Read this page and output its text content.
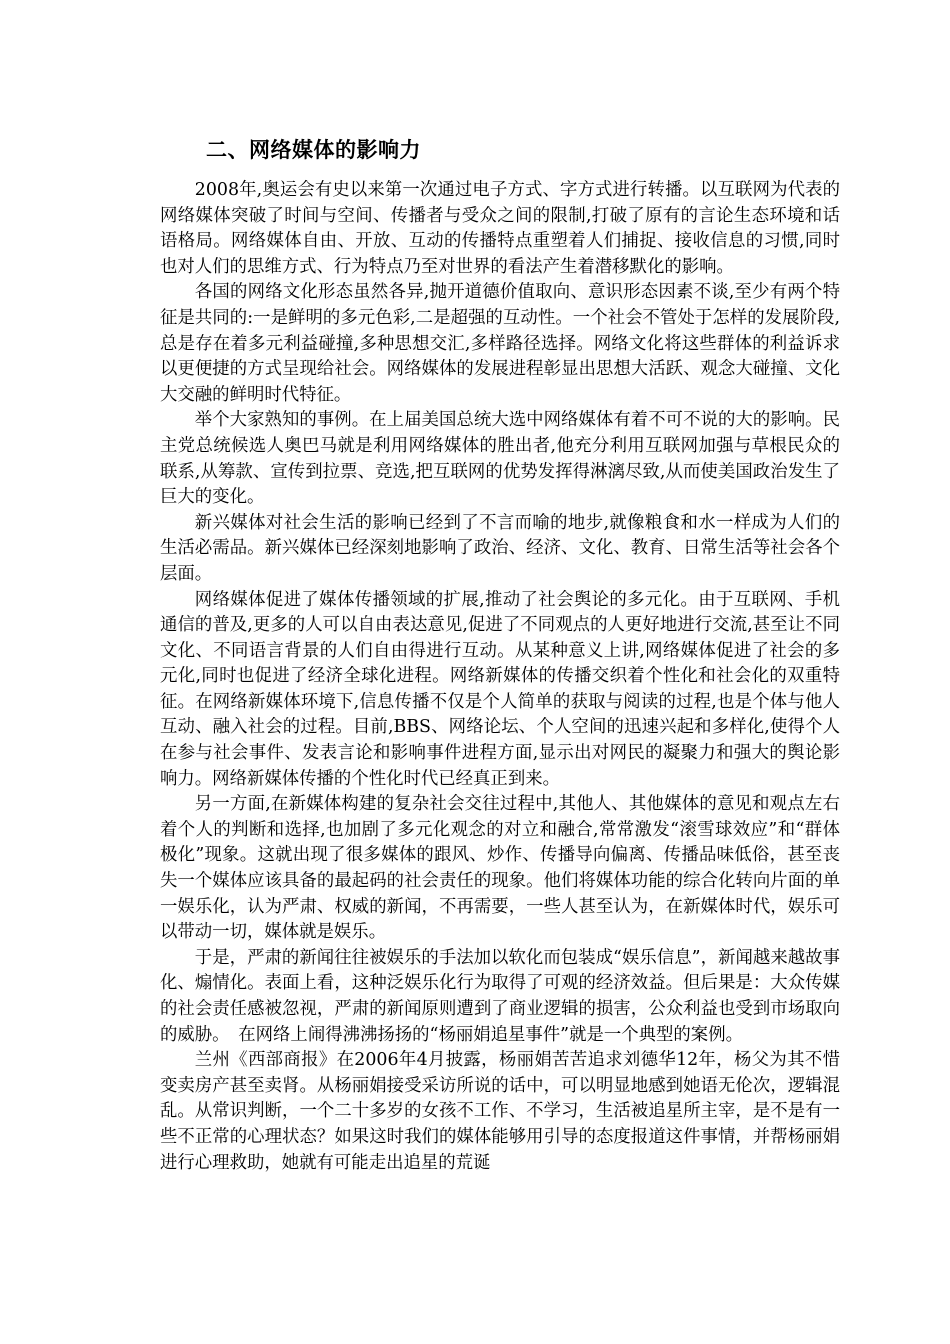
二、网络媒体的影响力

2008年,奥运会有史以来第一次通过电子方式、字方式进行转播。以互联网为代表的网络媒体突破了时间与空间、传播者与受众之间的限制,打破了原有的言论生态环境和话语格局。网络媒体自由、开放、互动的传播特点重塑着人们捕捉、接收信息的习惯,同时也对人们的思维方式、行为特点乃至对世界的看法产生着潜移默化的影响。

各国的网络文化形态虽然各异,抛开道德价值取向、意识形态因素不谈,至少有两个特征是共同的:一是鲜明的多元色彩,二是超强的互动性。一个社会不管处于怎样的发展阶段,总是存在着多元利益碰撞,多种思想交汇,多样路径选择。网络文化将这些群体的利益诉求以更便捷的方式呈现给社会。网络媒体的发展进程彰显出思想大活跃、观念大碰撞、文化大交融的鲜明时代特征。

举个大家熟知的事例。在上届美国总统大选中网络媒体有着不可不说的大的影响。民主党总统候选人奥巴马就是利用网络媒体的胜出者,他充分利用互联网加强与草根民众的联系,从筹款、宣传到拉票、竞选,把互联网的优势发挥得淋漓尽致,从而使美国政治发生了巨大的变化。

新兴媒体对社会生活的影响已经到了不言而喻的地步,就像粮食和水一样成为人们的生活必需品。新兴媒体已经深刻地影响了政治、经济、文化、教育、日常生活等社会各个层面。

网络媒体促进了媒体传播领域的扩展,推动了社会舆论的多元化。由于互联网、手机通信的普及,更多的人可以自由表达意见,促进了不同观点的人更好地进行交流,甚至让不同文化、不同语言背景的人们自由得进行互动。从某种意义上讲,网络媒体促进了社会的多元化,同时也促进了经济全球化进程。网络新媒体的传播交织着个性化和社会化的双重特征。在网络新媒体环境下,信息传播不仅是个人简单的获取与阅读的过程,也是个体与他人互动、融入社会的过程。目前,BBS、网络论坛、个人空间的迅速兴起和多样化,使得个人在参与社会事件、发表言论和影响事件进程方面,显示出对网民的凝聚力和强大的舆论影响力。网络新媒体传播的个性化时代已经真正到来。

另一方面,在新媒体构建的复杂社会交往过程中,其他人、其他媒体的意见和观点左右着个人的判断和选择,也加剧了多元化观念的对立和融合,常常激发“滚雪球效应”和“群体极化”现象。这就出现了很多媒体的跟风、炒作、传播导向偏离、传播品味低俗，甚至丧失一个媒体应该具备的最起码的社会责任的现象。他们将媒体功能的综合化转向片面的单一娱乐化，认为严肃、权威的新闻，不再需要，一些人甚至认为，在新媒体时代，娱乐可以带动一切，媒体就是娱乐。

于是，严肃的新闻往往被娱乐的手法加以软化而包装成“娱乐信息”，新闻越来越故事化、煽情化。表面上看，这种泛娱乐化行为取得了可观的经济效益。但后果是：大众传媒的社会责任感被忽视，严肃的新闻原则遭到了商业逻辑的损害，公众利益也受到市场取向的威胁。　在网络上闹得沸沸扬扬的“杨丽娟追星事件”就是一个典型的案例。

兰州《西部商报》在2006年4月披露，杨丽娟苦苦追求刘德华12年，杨父为其不惜变卖房产甚至卖肾。从杨丽娟接受采访所说的话中，可以明显地感到她语无伦次，逻辑混乱。从常识判断，一个二十多岁的女孩不工作、不学习，生活被追星所主宰，是不是有一些不正常的心理状态？如果这时我们的媒体能够用引导的态度报道这件事情，并帮杨丽娟进行心理救助，她就有可能走出追星的荒诞
